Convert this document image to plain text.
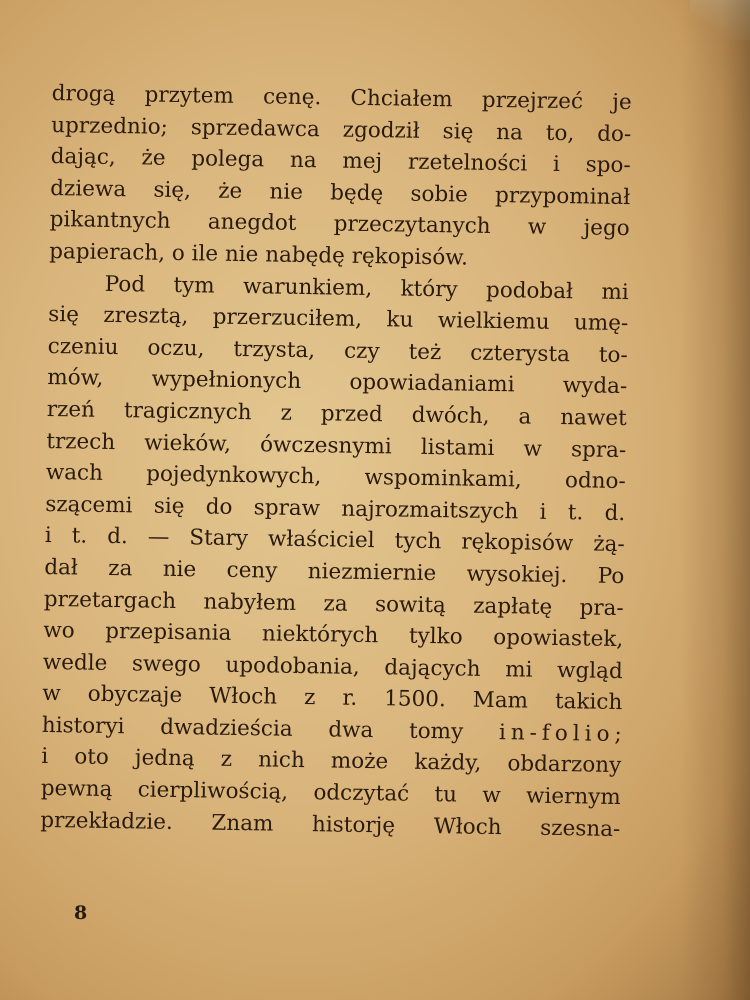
drogą przytem cenę. Chciałem przejrzeć je
uprzednio; sprzedawca zgodził się na to, do-
dając, że polega na mej rzetelności i spo-
dziewa się, że nie będę sobie przypominał
pikantnych anegdot przeczytanych w jego
papierach, o ile nie nabędę rękopisów.
Pod tym warunkiem, który podobał mi
się zresztą, przerzuciłem, ku wielkiemu umę-
czeniu oczu, trzysta, czy też czterysta to-
mów, wypełnionych opowiadaniami wyda-
rzeń tragicznych z przed dwóch, a nawet
trzech wieków, ówczesnymi listami w spra-
wach pojedynkowych, wspominkami, odno-
szącemi się do spraw najrozmaitszych i t. d.
i t. d. — Stary właściciel tych rękopisów żą-
dał za nie ceny niezmiernie wysokiej. Po
przetargach nabyłem za sowitą zapłatę pra-
wo przepisania niektórych tylko opowiastek,
wedle swego upodobania, dających mi wgląd
w obyczaje Włoch z r. 1500. Mam takich
historyi dwadzieścia dwa tomy in-folio;
i oto jedną z nich może każdy, obdarzony
pewną cierpliwością, odczytać tu w wiernym
przekładzie. Znam historję Włoch szesna-
8
